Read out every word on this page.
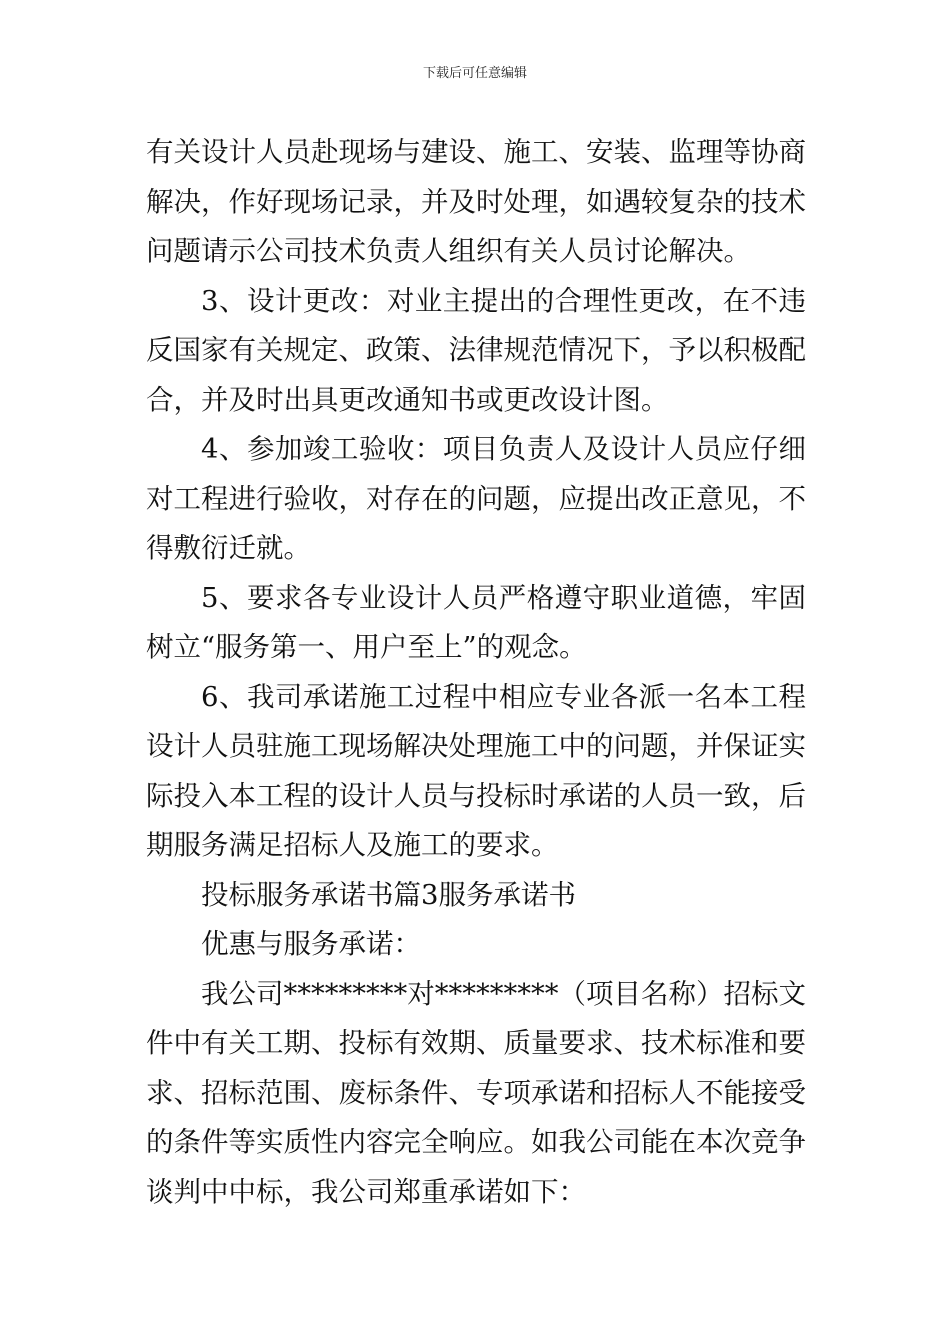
下载后可任意编辑

有关设计人员赴现场与建设、施工、安装、监理等协商解决，作好现场记录，并及时处理，如遇较复杂的技术问题请示公司技术负责人组织有关人员讨论解决。

3、设计更改：对业主提出的合理性更改，在不违反国家有关规定、政策、法律规范情况下，予以积极配合，并及时出具更改通知书或更改设计图。

4、参加竣工验收：项目负责人及设计人员应仔细对工程进行验收，对存在的问题，应提出改正意见，不得敷衍迁就。

5、要求各专业设计人员严格遵守职业道德，牢固树立“服务第一、用户至上”的观念。

6、我司承诺施工过程中相应专业各派一名本工程设计人员驻施工现场解决处理施工中的问题，并保证实际投入本工程的设计人员与投标时承诺的人员一致，后期服务满足招标人及施工的要求。

投标服务承诺书篇3服务承诺书

优惠与服务承诺：

我公司*********对*********（项目名称）招标文件中有关工期、投标有效期、质量要求、技术标准和要求、招标范围、废标条件、专项承诺和招标人不能接受的条件等实质性内容完全响应。如我公司能在本次竞争谈判中中标，我公司郑重承诺如下：
